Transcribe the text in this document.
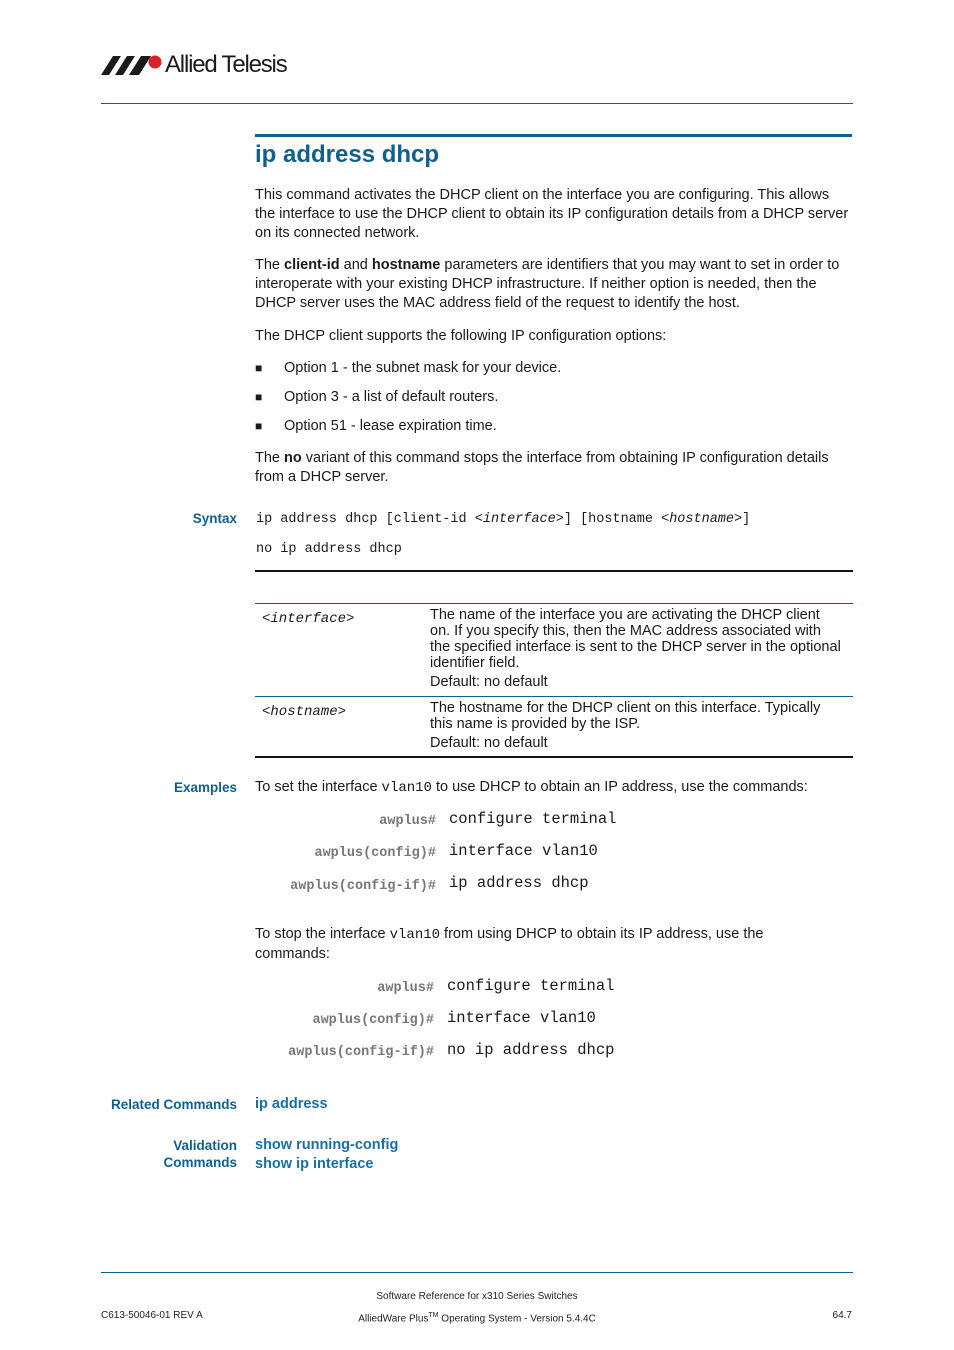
Allied Telesis
ip address dhcp
This command activates the DHCP client on the interface you are configuring. This allows the interface to use the DHCP client to obtain its IP configuration details from a DHCP server on its connected network.
The client-id and hostname parameters are identifiers that you may want to set in order to interoperate with your existing DHCP infrastructure. If neither option is needed, then the DHCP server uses the MAC address field of the request to identify the host.
The DHCP client supports the following IP configuration options:
■ Option 1 - the subnet mask for your device.
■ Option 3 - a list of default routers.
■ Option 51 - lease expiration time.
The no variant of this command stops the interface from obtaining IP configuration details from a DHCP server.
Syntax ip address dhcp [client-id <interface>] [hostname <hostname>]
no ip address dhcp
<interface>	The name of the interface you are activating the DHCP client on. If you specify this, then the MAC address associated with the specified interface is sent to the DHCP server in the optional identifier field.
Default: no default
<hostname>	The hostname for the DHCP client on this interface. Typically this name is provided by the ISP.
Default: no default
Examples To set the interface vlan10 to use DHCP to obtain an IP address, use the commands:
awplus# configure terminal
awplus(config)# interface vlan10
awplus(config-if)# ip address dhcp
To stop the interface vlan10 from using DHCP to obtain its IP address, use the
commands:
awplus# configure terminal
awplus(config)# interface vlan10
awplus(config-if)# no ip address dhcp
Related Commands ip address
Validation
Commands
show running-config
show ip interface
Software Reference for x310 Series Switches
C613-50046-01 REV A	AlliedWare Plus™ Operating System - Version 5.4.4C	64.7
